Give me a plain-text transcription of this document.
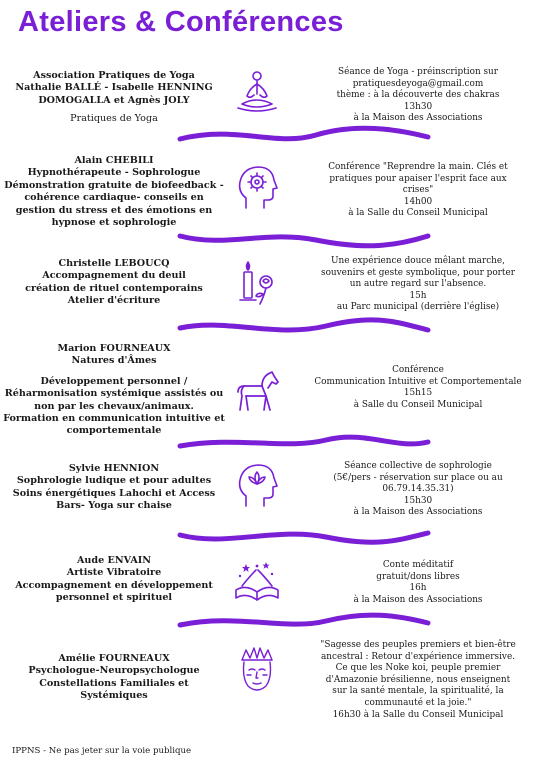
Ateliers & Conférences
Association Pratiques de Yoga
Nathalie BALLÉ - Isabelle HENNING
DOMOGALLA et Agnès JOLY
Pratiques de Yoga
Séance de Yoga - préinscription sur
pratiquesdeyoga@gmail.com
thème : à la découverte des chakras
13h30
à la Maison des Associations
Alain CHEBILI
Hypnothérapeute - Sophrologue
Démonstration gratuite de biofeedback -
cohérence cardiaque- conseils en
gestion du stress et des émotions en
hypnose et sophrologie
Conférence "Reprendre la main. Clés et
pratiques pour apaiser l'esprit face aux
crises"
14h00
à la Salle du Conseil Municipal
Christelle LEBOUCQ
Accompagnement du deuil
création de rituel contemporains
Atelier d'écriture
Une expérience douce mêlant marche,
souvenirs et geste symbolique, pour porter
un autre regard sur l'absence.
15h
au Parc municipal (derrière l'église)
Marion FOURNEAUX
Natures d'Âmes
Développement personnel /
Réharmonisation systémique assistés ou
non par les chevaux/animaux.
Formation en communication intuitive et
comportementale
Conférence
Communication Intuitive et Comportementale
15h15
à Salle du Conseil Municipal
Sylvie HENNION
Sophrologie ludique et pour adultes
Soins énergétiques Lahochi et Access
Bars- Yoga sur chaise
Séance collective de sophrologie
(5€/pers - réservation sur place ou au
06.79.14.35.31)
15h30
à la Maison des Associations
Aude ENVAIN
Artiste Vibratoire
Accompagnement en développement
personnel et spirituel
Conte méditatif
gratuit/dons libres
16h
à la Maison des Associations
Amélie FOURNEAUX
Psychologue-Neuropsychologue
Constellations Familiales et
Systémiques
"Sagesse des peuples premiers et bien-être
ancestral : Retour d'expérience immersive.
Ce que les Noke koi, peuple premier
d'Amazonie brésilienne, nous enseignent
sur la santé mentale, la spiritualité, la
communauté et la joie."
16h30 à la Salle du Conseil Municipal
IPPNS - Ne pas jeter sur la voie publique
